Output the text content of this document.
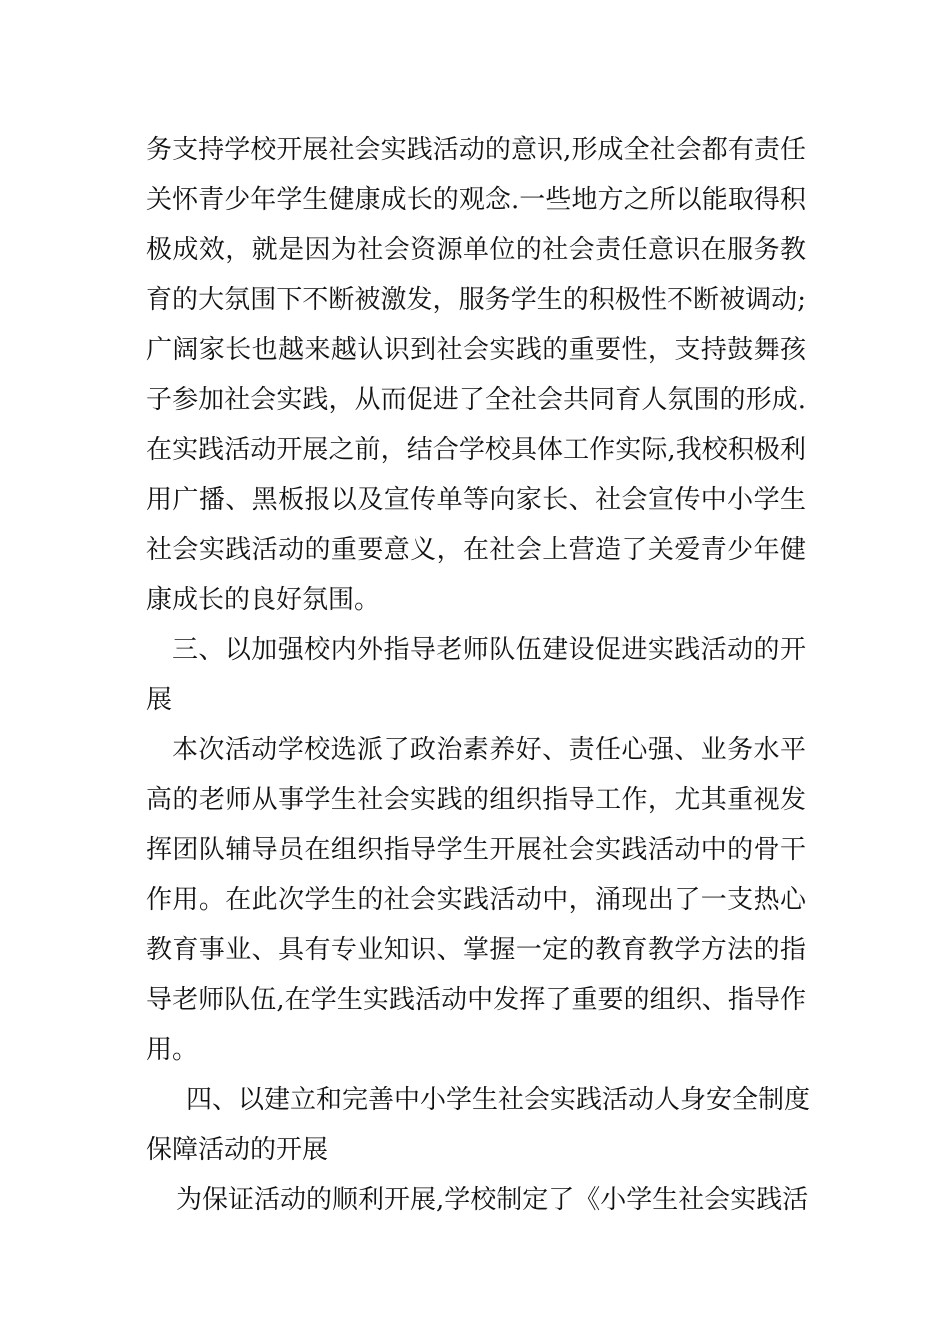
务支持学校开展社会实践活动的意识,形成全社会都有责任
关怀青少年学生健康成长的观念.一些地方之所以能取得积
极成效，就是因为社会资源单位的社会责任意识在服务教
育的大氛围下不断被激发，服务学生的积极性不断被调动;
广阔家长也越来越认识到社会实践的重要性，支持鼓舞孩
子参加社会实践，从而促进了全社会共同育人氛围的形成.
在实践活动开展之前，结合学校具体工作实际,我校积极利
用广播、黑板报以及宣传单等向家长、社会宣传中小学生
社会实践活动的重要意义，在社会上营造了关爱青少年健
康成长的良好氛围。
三、以加强校内外指导老师队伍建设促进实践活动的开
展
本次活动学校选派了政治素养好、责任心强、业务水平
高的老师从事学生社会实践的组织指导工作，尤其重视发
挥团队辅导员在组织指导学生开展社会实践活动中的骨干
作用。在此次学生的社会实践活动中，涌现出了一支热心
教育事业、具有专业知识、掌握一定的教育教学方法的指
导老师队伍,在学生实践活动中发挥了重要的组织、指导作
用。
四、以建立和完善中小学生社会实践活动人身安全制度
保障活动的开展
为保证活动的顺利开展,学校制定了《小学生社会实践活
